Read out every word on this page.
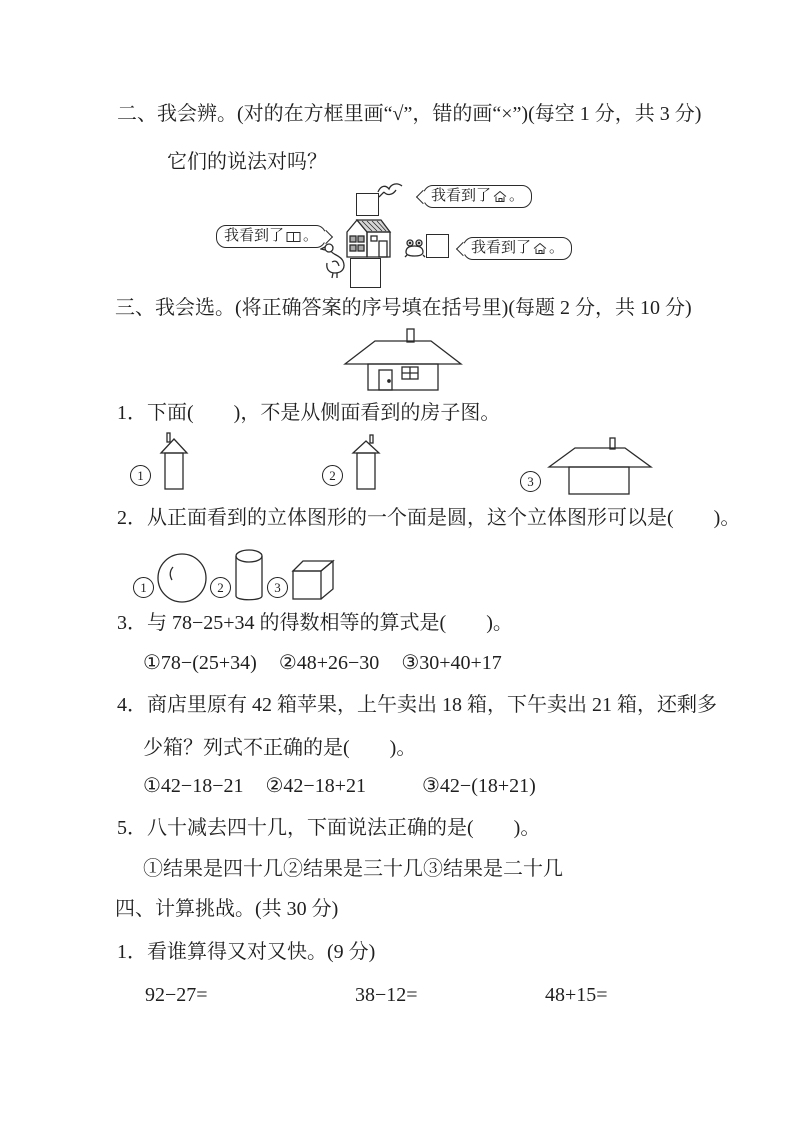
二、我会辨。(对的在方框里画“√”，错的画“×”)(每空 1 分，共 3 分)
它们的说法对吗？
我看到了 。
我看到了 。
我看到了 。
三、我会选。(将正确答案的序号填在括号里)(每题 2 分，共 10 分)
1．下面(　　)，不是从侧面看到的房子图。
1	2	3
2．从正面看到的立体图形的一个面是圆，这个立体图形可以是(　　)。
1	2	3
3．与 78−25+34 的得数相等的算式是(　　)。
①78−(25+34) ②48+26−30 ③30+40+17
4．商店里原有 42 箱苹果，上午卖出 18 箱，下午卖出 21 箱，还剩多
少箱？列式不正确的是(　　)。
①42−18−21 ②42−18+21	③42−(18+21)
5．八十减去四十几，下面说法正确的是(　　)。
①结果是四十几②结果是三十几③结果是二十几
四、计算挑战。(共 30 分)
1．看谁算得又对又快。(9 分)
92−27=	38−12=	48+15=
